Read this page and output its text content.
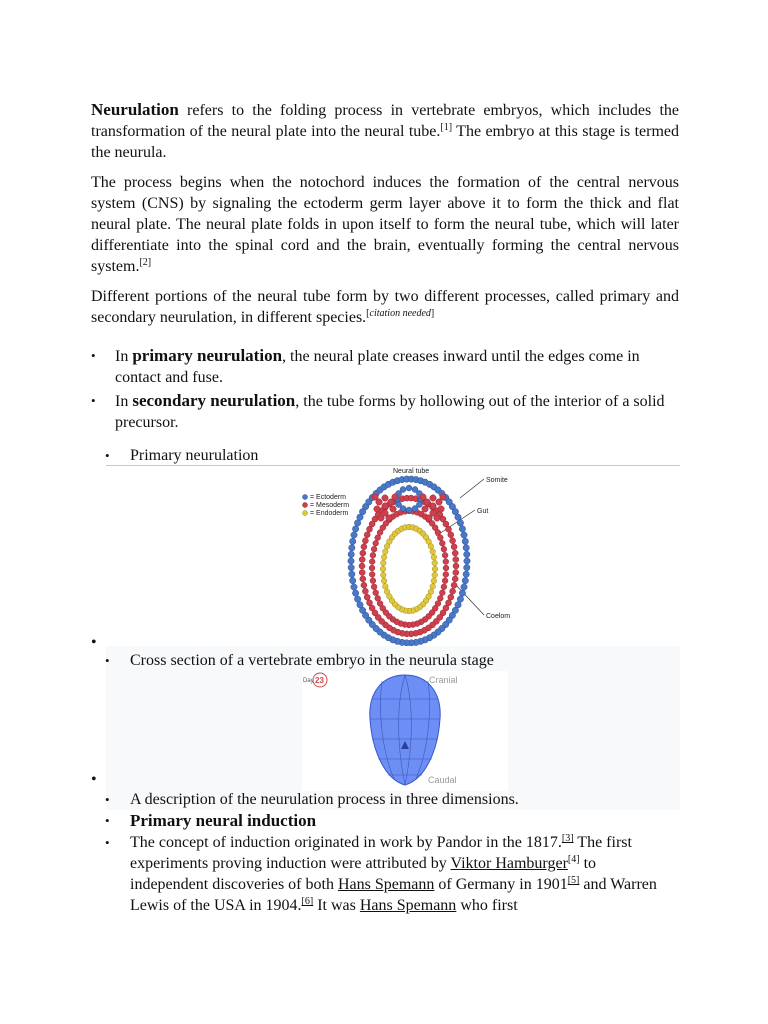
Neurulation refers to the folding process in vertebrate embryos, which includes the transformation of the neural plate into the neural tube.[1] The embryo at this stage is termed the neurula.

The process begins when the notochord induces the formation of the central nervous system (CNS) by signaling the ectoderm germ layer above it to form the thick and flat neural plate. The neural plate folds in upon itself to form the neural tube, which will later differentiate into the spinal cord and the brain, eventually forming the central nervous system.[2]

Different portions of the neural tube form by two different processes, called primary and secondary neurulation, in different species.[citation needed]

• In primary neurulation, the neural plate creases inward until the edges come in contact and fuse.
• In secondary neurulation, the tube forms by hollowing out of the interior of a solid precursor.
• Primary neurulation
Neural tube
Somite
Gut
Coelom
= Ectoderm
= Mesoderm
= Endoderm
•
• Cross section of a vertebrate embryo in the neurula stage
Day 23	Cranial
Caudal
•
• A description of the neurulation process in three dimensions.
• Primary neural induction
• The concept of induction originated in work by Pandor in the 1817.[3] The first experiments proving induction were attributed by Viktor Hamburger[4] to independent discoveries of both Hans Spemann of Germany in 1901[5] and Warren Lewis of the USA in 1904.[6] It was Hans Spemann who first
